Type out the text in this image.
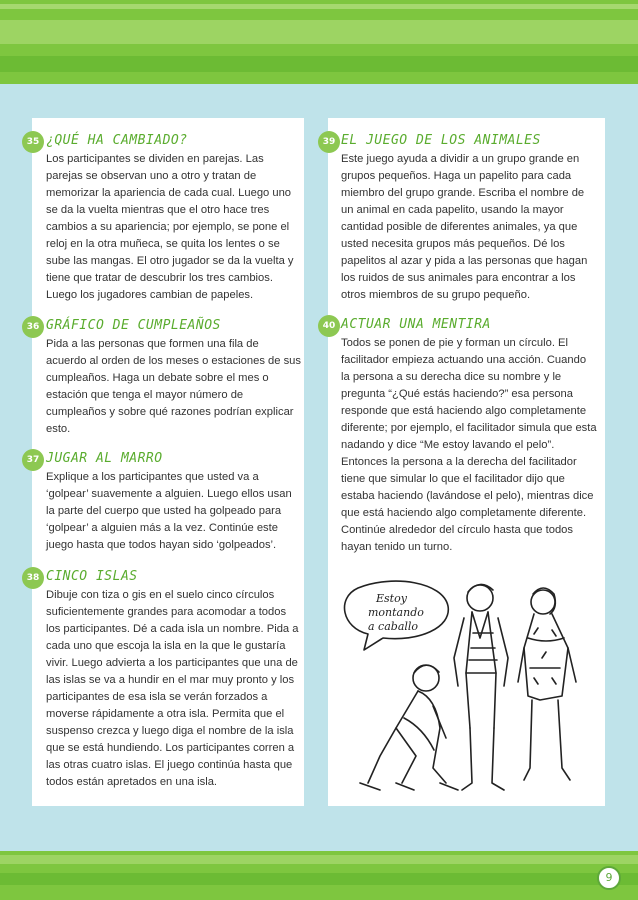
35 ¿QUÉ HA CAMBIADO?

Los participantes se dividen en parejas. Las parejas se observan uno a otro y tratan de memorizar la apariencia de cada cual. Luego uno se da la vuelta mientras que el otro hace tres cambios a su apariencia; por ejemplo, se pone el reloj en la otra muñeca, se quita los lentes o se sube las mangas. El otro jugador se da la vuelta y tiene que tratar de descubrir los tres cambios. Luego los jugadores cambian de papeles.

36 GRÁFICO DE CUMPLEAÑOS

Pida a las personas que formen una fila de acuerdo al orden de los meses o estaciones de sus cumpleaños. Haga un debate sobre el mes o estación que tenga el mayor número de cumpleaños y sobre qué razones podrían explicar esto.

37 JUGAR AL MARRO

Explique a los participantes que usted va a ‘golpear’ suavemente a alguien. Luego ellos usan la parte del cuerpo que usted ha golpeado para ‘golpear’ a alguien más a la vez. Continúe este juego hasta que todos hayan sido ‘golpeados’.

38 CINCO ISLAS

Dibuje con tiza o gis en el suelo cinco círculos suficientemente grandes para acomodar a todos los participantes. Dé a cada isla un nombre. Pida a cada uno que escoja la isla en la que le gustaría vivir. Luego advierta a los participantes que una de las islas se va a hundir en el mar muy pronto y los participantes de esa isla se verán forzados a moverse rápidamente a otra isla. Permita que el suspenso crezca y luego diga el nombre de la isla que se está hundiendo. Los participantes corren a las otras cuatro islas. El juego continúa hasta que todos están apretados en una isla.

39 EL JUEGO DE LOS ANIMALES

Este juego ayuda a dividir a un grupo grande en grupos pequeños. Haga un papelito para cada miembro del grupo grande. Escriba el nombre de un animal en cada papelito, usando la mayor cantidad posible de diferentes animales, ya que usted necesita grupos más pequeños. Dé los papelitos al azar y pida a las personas que hagan los ruidos de sus animales para encontrar a los otros miembros de su grupo pequeño.

40 ACTUAR UNA MENTIRA

Todos se ponen de pie y forman un círculo. El facilitador empieza actuando una acción. Cuando la persona a su derecha dice su nombre y le pregunta “¿Qué estás haciendo?” esa persona responde que está haciendo algo completamente diferente; por ejemplo, el facilitador simula que esta nadando y dice “Me estoy lavando el pelo”. Entonces la persona a la derecha del facilitador tiene que simular lo que el facilitador dijo que estaba haciendo (lavándose el pelo), mientras dice que está haciendo algo completamente diferente. Continúe alrededor del círculo hasta que todos hayan tenido un turno.

Estoy
montando
a caballo
9
